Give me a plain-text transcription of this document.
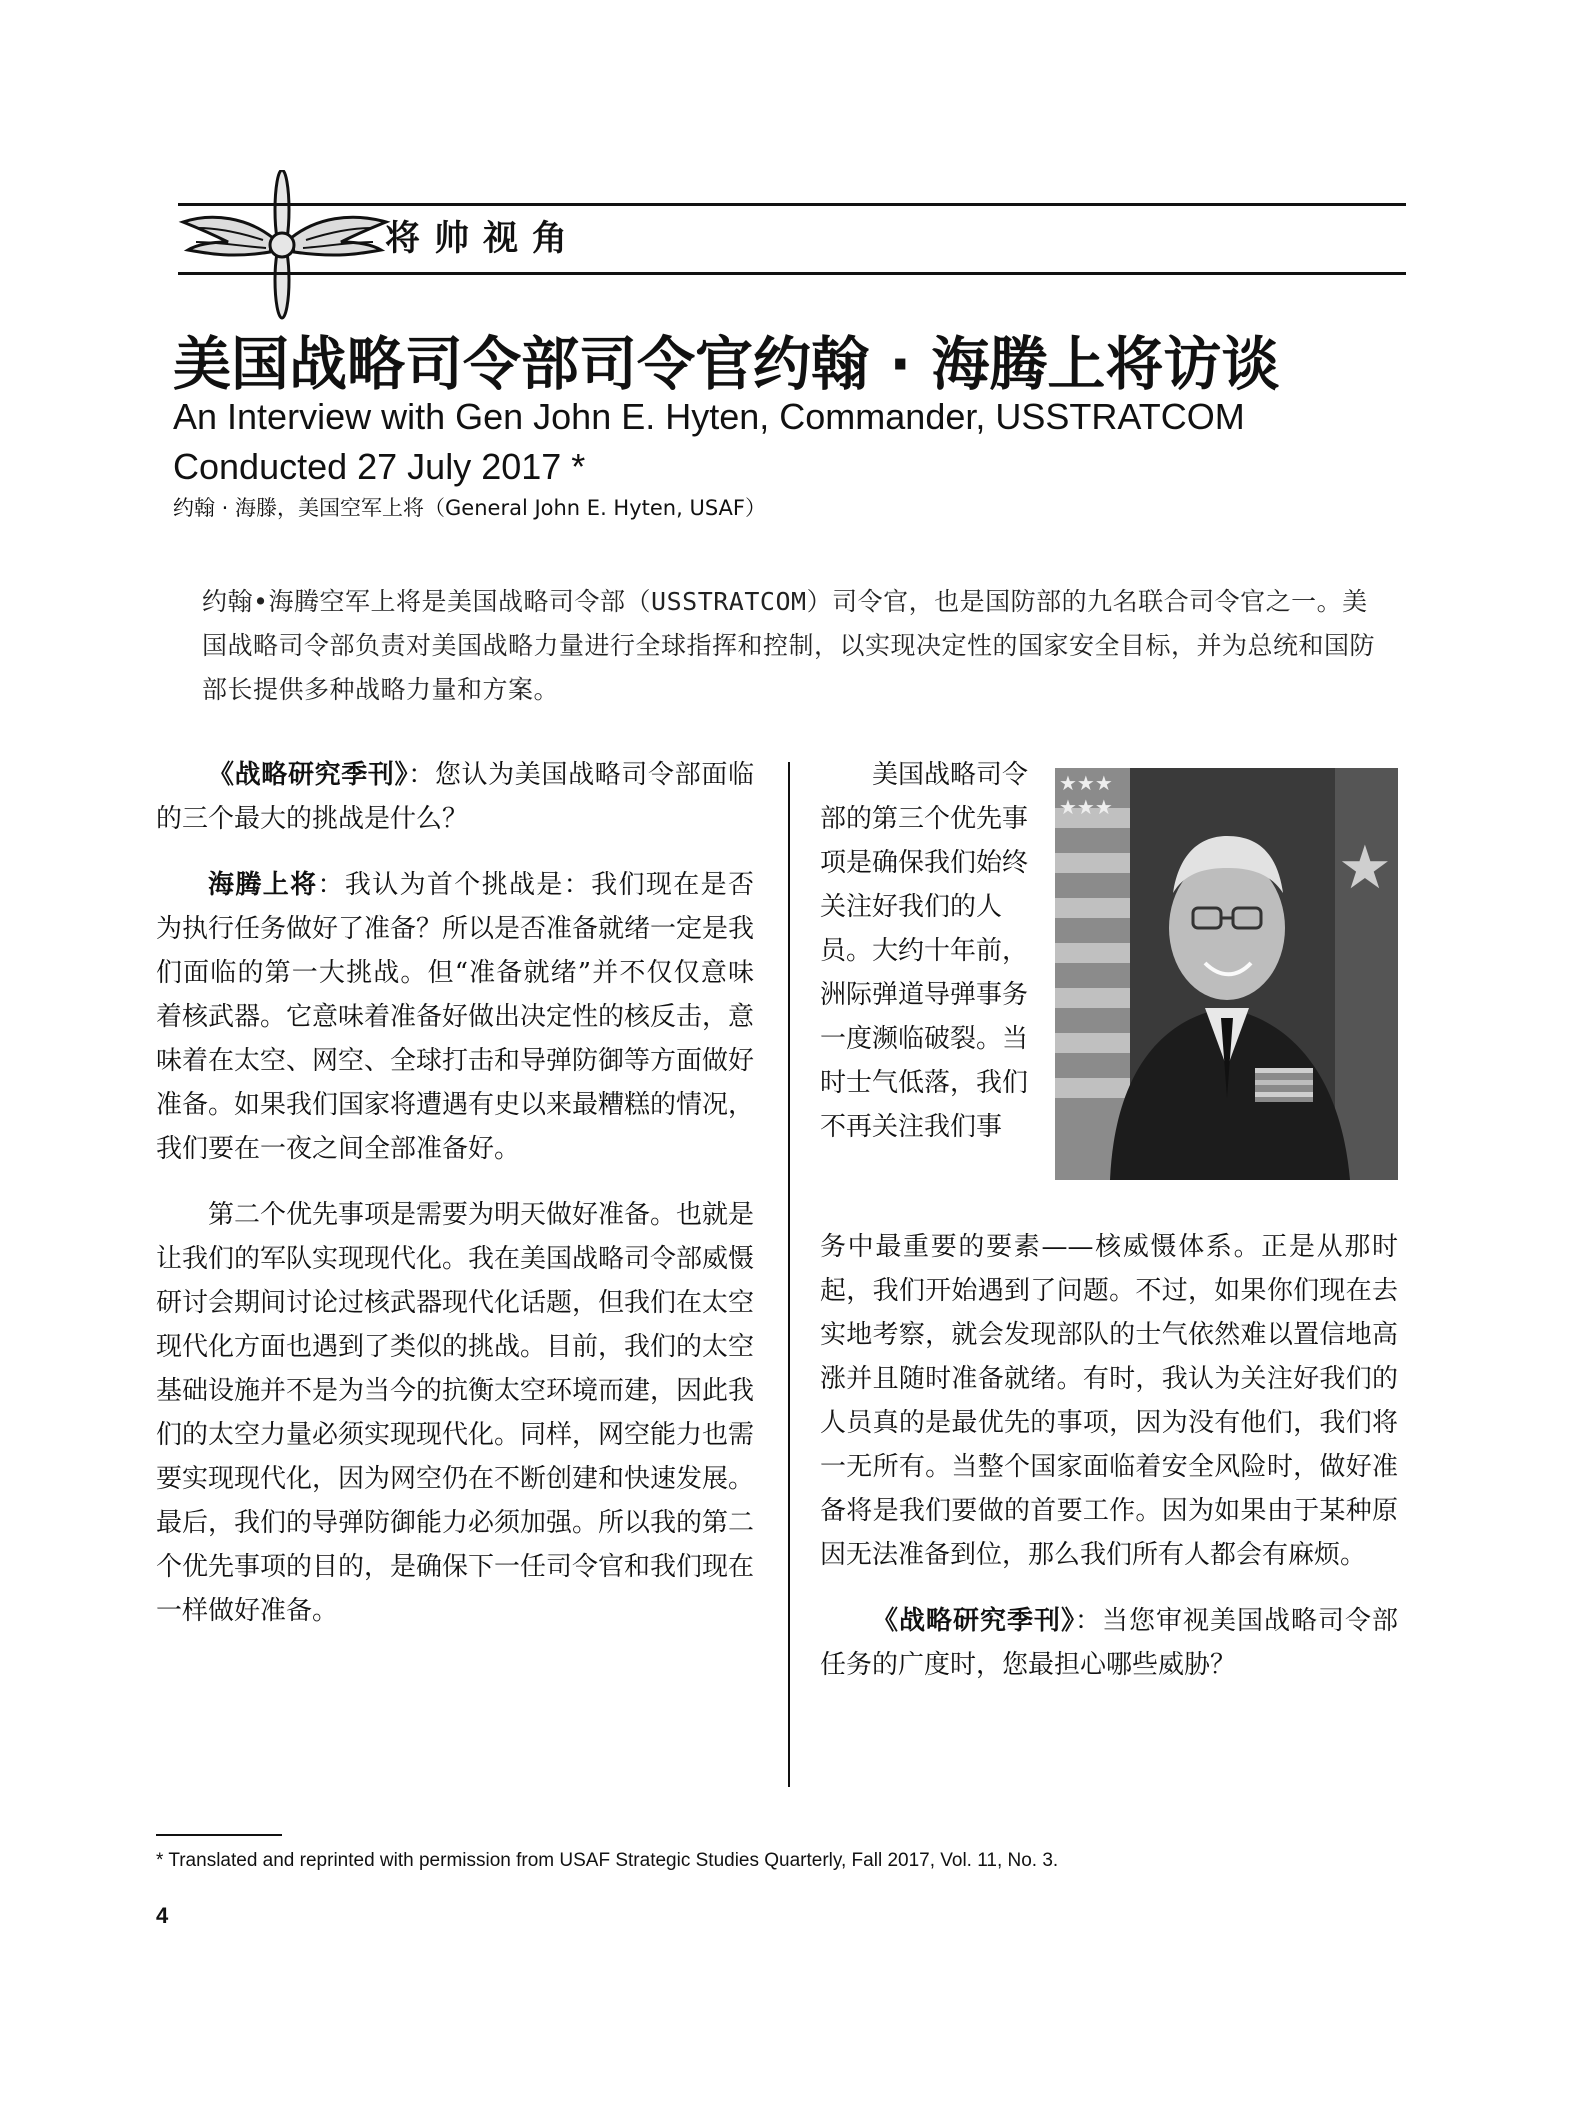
将帅视角
美国战略司令部司令官约翰 · 海腾上将访谈
An Interview with Gen John E. Hyten, Commander, USSTRATCOM
Conducted 27 July 2017 *
约翰 · 海滕，美国空军上将（General John E. Hyten, USAF）
约翰•海腾空军上将是美国战略司令部（USSTRATCOM）司令官，也是国防部的九名联合司令官之一。美国战略司令部负责对美国战略力量进行全球指挥和控制，以实现决定性的国家安全目标，并为总统和国防部长提供多种战略力量和方案。

《战略研究季刊》：您认为美国战略司令部面临的三个最大的挑战是什么？

海腾上将：我认为首个挑战是：我们现在是否为执行任务做好了准备？所以是否准备就绪一定是我们面临的第一大挑战。但“准备就绪”并不仅仅意味着核武器。它意味着准备好做出决定性的核反击，意味着在太空、网空、全球打击和导弹防御等方面做好准备。如果我们国家将遭遇有史以来最糟糕的情况，我们要在一夜之间全部准备好。

第二个优先事项是需要为明天做好准备。也就是让我们的军队实现现代化。我在美国战略司令部威慑研讨会期间讨论过核武器现代化话题，但我们在太空现代化方面也遇到了类似的挑战。目前，我们的太空基础设施并不是为当今的抗衡太空环境而建，因此我们的太空力量必须实现现代化。同样，网空能力也需要实现现代化，因为网空仍在不断创建和快速发展。最后，我们的导弹防御能力必须加强。所以我的第二个优先事项的目的，是确保下一任司令官和我们现在一样做好准备。

美国战略司令部的第三个优先事项是确保我们始终关注好我们的人员。大约十年前，洲际弹道导弹事务一度濒临破裂。当时士气低落，我们不再关注我们事

★★★
★★★
★

务中最重要的要素——核威慑体系。正是从那时起，我们开始遇到了问题。不过，如果你们现在去实地考察，就会发现部队的士气依然难以置信地高涨并且随时准备就绪。有时，我认为关注好我们的人员真的是最优先的事项，因为没有他们，我们将一无所有。当整个国家面临着安全风险时，做好准备将是我们要做的首要工作。因为如果由于某种原因无法准备到位，那么我们所有人都会有麻烦。

《战略研究季刊》：当您审视美国战略司令部任务的广度时，您最担心哪些威胁？

* Translated and reprinted with permission from USAF Strategic Studies Quarterly, Fall 2017, Vol. 11, No. 3.
4
